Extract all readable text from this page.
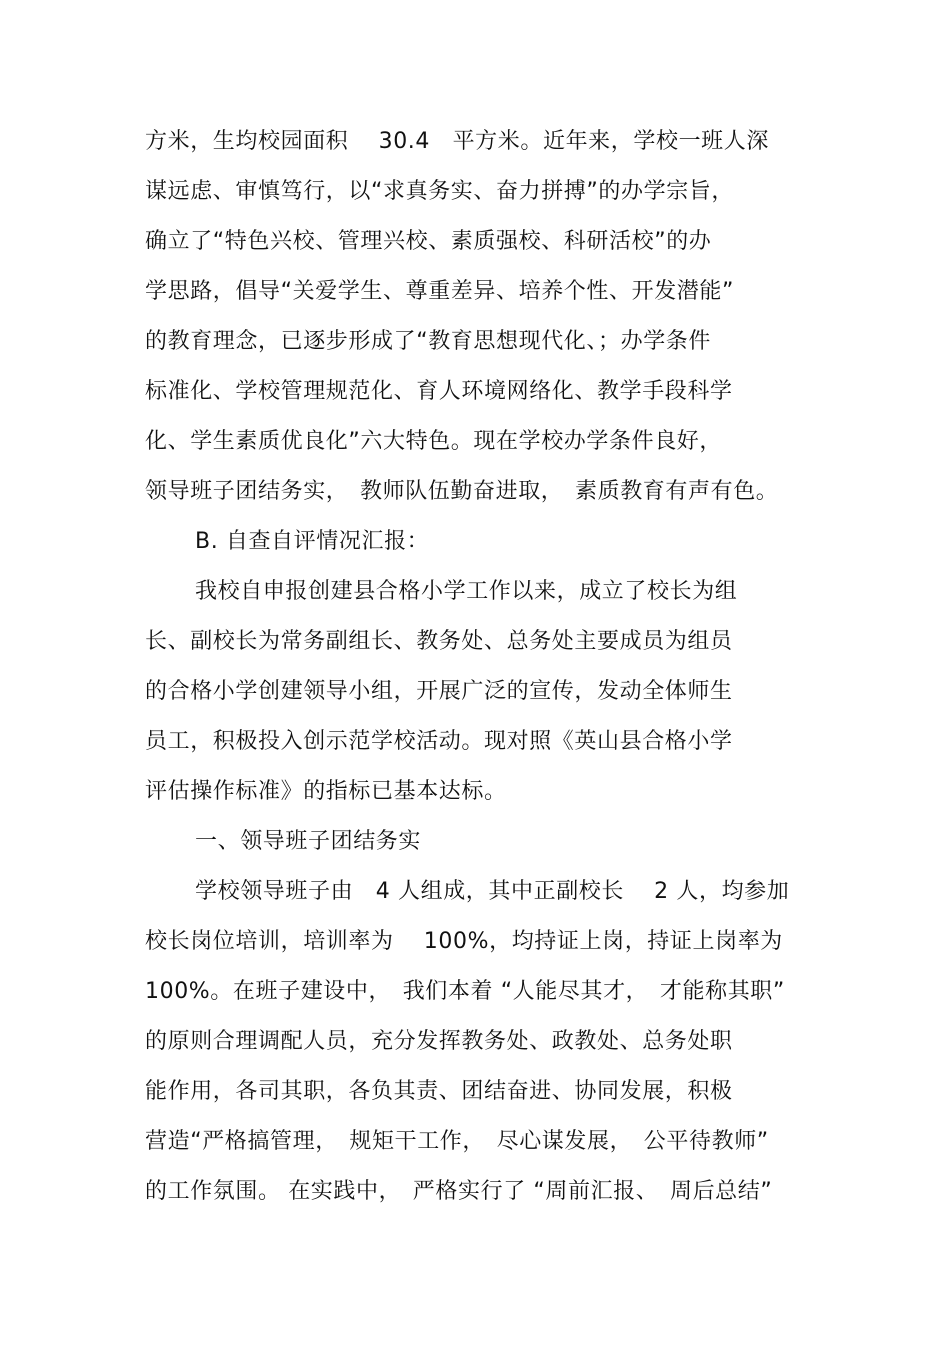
方米，生均校园面积　 30.4　平方米。近年来，学校一班人深
谋远虑、审慎笃行，以“求真务实、奋力拼搏”的办学宗旨，
确立了“特色兴校、管理兴校、素质强校、科研活校”的办
学思路，倡导“关爱学生、尊重差异、培养个性、开发潜能”
的教育理念，已逐步形成了“教育思想现代化、；办学条件
标准化、学校管理规范化、育人环境网络化、教学手段科学
化、学生素质优良化”六大特色。现在学校办学条件良好，
领导班子团结务实，　教师队伍勤奋进取，　素质教育有声有色。
B. 自查自评情况汇报：
我校自申报创建县合格小学工作以来，成立了校长为组
长、副校长为常务副组长、教务处、总务处主要成员为组员
的合格小学创建领导小组，开展广泛的宣传，发动全体师生
员工，积极投入创示范学校活动。现对照《英山县合格小学
评估操作标准》的指标已基本达标。
一、领导班子团结务实
学校领导班子由　4 人组成，其中正副校长　 2 人，均参加
校长岗位培训，培训率为　 100%，均持证上岗，持证上岗率为
100%。在班子建设中，　我们本着 “人能尽其才，　才能称其职”
的原则合理调配人员，充分发挥教务处、政教处、总务处职
能作用，各司其职，各负其责、团结奋进、协同发展，积极
营造“严格搞管理，　规矩干工作，　尽心谋发展，　公平待教师”
的工作氛围。 在实践中，　严格实行了 “周前汇报、　周后总结”
